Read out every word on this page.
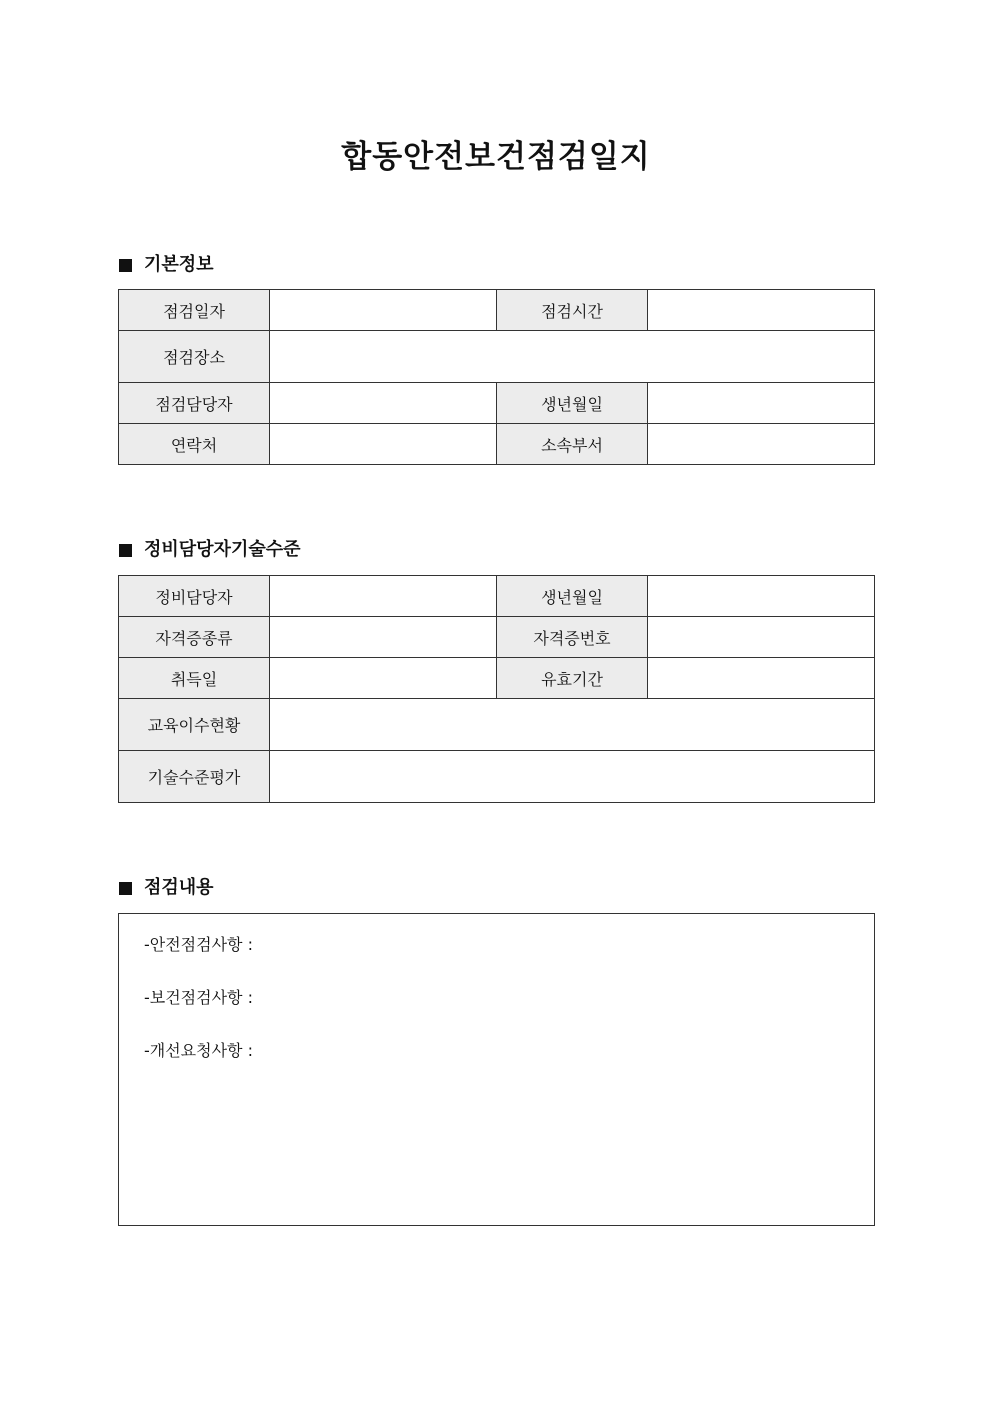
합동안전보건점검일지
기본정보
점검일자		점검시간	
점검장소			
점검담당자		생년월일	
연락처		소속부서	
정비담당자기술수준
정비담당자		생년월일	
자격증종류		자격증번호	
취득일		유효기간	
교육이수현황			
기술수준평가			
점검내용
-안전점검사항 :
-보건점검사항 :
-개선요청사항 :
